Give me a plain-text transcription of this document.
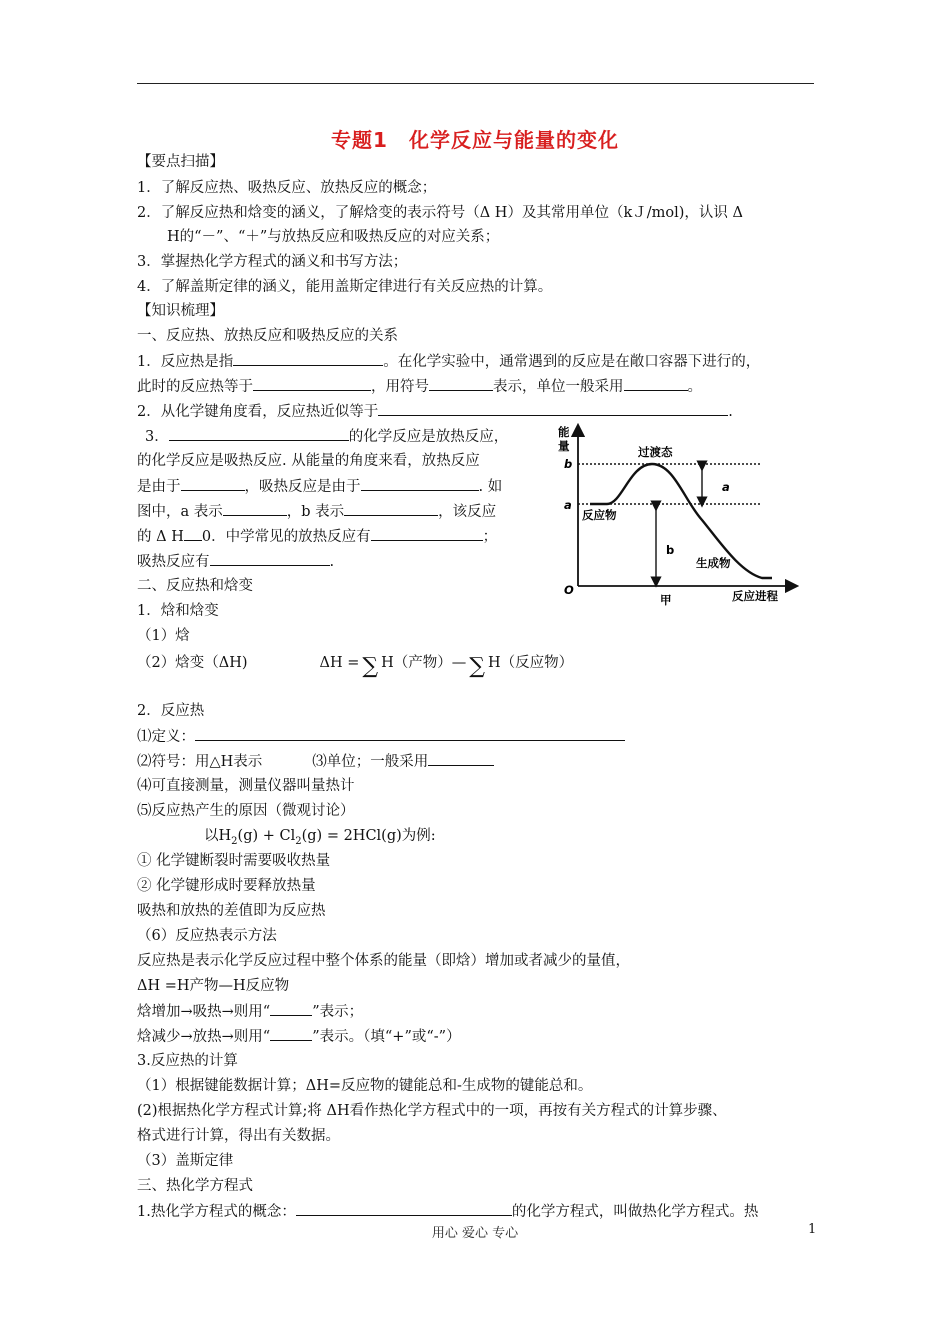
专题1　化学反应与能量的变化
【要点扫描】
1．了解反应热、吸热反应、放热反应的概念；
2．了解反应热和焓变的涵义，了解焓变的表示符号（Δ H）及其常用单位（kＪ/mol)，认识 Δ
H的“－”、“＋”与放热反应和吸热反应的对应关系；
3．掌握热化学方程式的涵义和书写方法；
4．了解盖斯定律的涵义，能用盖斯定律进行有关反应热的计算。
【知识梳理】
一、反应热、放热反应和吸热反应的关系
1．反应热是指	。在化学实验中，通常遇到的反应是在敞口容器下进行的，
此时的反应热等于	，用符号	表示，单位一般采用	。
2．从化学键角度看，反应热近似等于	.
3．	的化学反应是放热反应，
的化学反应是吸热反应. 从能量的角度来看，放热反应
是由于	，吸热反应是由于	. 如
图中，a 表示	，b 表示	，该反应
的 Δ H 0．中学常见的放热反应有	；
吸热反应有	.
二、反应热和焓变
1．焓和焓变
（1）焓
（2）焓变（ΔH)	ΔH = ∑ H（产物）— ∑ H（反应物）
2．反应热
⑴定义：
⑵符号：用△H表示	⑶单位；一般采用
⑷可直接测量，测量仪器叫量热计
⑸反应热产生的原因（微观讨论）
以$H_2(g) + Cl_2(g) = 2HCl(g)$为例:
① 化学键断裂时需要吸收热量
② 化学键形成时要释放热量
吸热和放热的差值即为反应热
（6）反应热表示方法
反应热是表示化学反应过程中整个体系的能量（即焓）增加或者减少的量值，
ΔH =H产物—H反应物
焓增加→吸热→则用“	”表示；
焓减少→放热→则用“	”表示。（填“+”或“-”）
3.反应热的计算
（1）根据键能数据计算；ΔH=反应物的键能总和-生成物的键能总和。
(2)根据热化学方程式计算;将 ΔH看作热化学方程式中的一项，再按有关方程式的计算步骤、
格式进行计算，得出有关数据。
（3）盖斯定律
三、热化学方程式
1.热化学方程式的概念：	的化学方程式，叫做热化学方程式。热
能
量
b
a
a
b
过渡态
反应物
生成物
O	反应进程
甲
用心 爱心 专心	1
